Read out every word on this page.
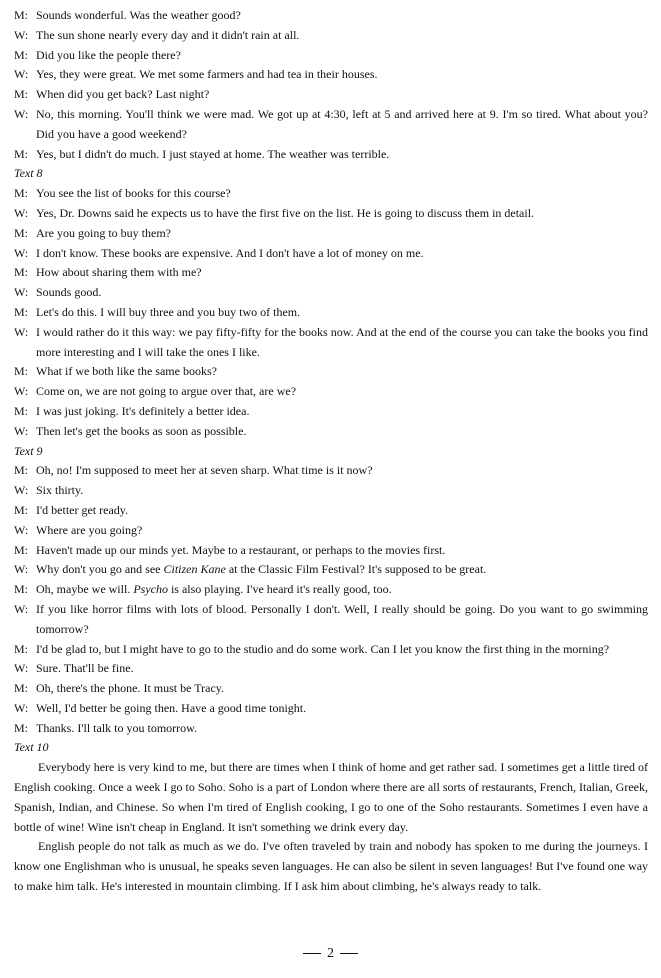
M: Sounds wonderful. Was the weather good?
W: The sun shone nearly every day and it didn't rain at all.
M: Did you like the people there?
W: Yes, they were great. We met some farmers and had tea in their houses.
M: When did you get back? Last night?
W: No, this morning. You'll think we were mad. We got up at 4:30, left at 5 and arrived here at 9. I'm so tired. What about you? Did you have a good weekend?
M: Yes, but I didn't do much. I just stayed at home. The weather was terrible.
Text 8
M: You see the list of books for this course?
W: Yes, Dr. Downs said he expects us to have the first five on the list. He is going to discuss them in detail.
M: Are you going to buy them?
W: I don't know. These books are expensive. And I don't have a lot of money on me.
M: How about sharing them with me?
W: Sounds good.
M: Let's do this. I will buy three and you buy two of them.
W: I would rather do it this way: we pay fifty-fifty for the books now. And at the end of the course you can take the books you find more interesting and I will take the ones I like.
M: What if we both like the same books?
W: Come on, we are not going to argue over that, are we?
M: I was just joking. It's definitely a better idea.
W: Then let's get the books as soon as possible.
Text 9
M: Oh, no! I'm supposed to meet her at seven sharp. What time is it now?
W: Six thirty.
M: I'd better get ready.
W: Where are you going?
M: Haven't made up our minds yet. Maybe to a restaurant, or perhaps to the movies first.
W: Why don't you go and see Citizen Kane at the Classic Film Festival? It's supposed to be great.
M: Oh, maybe we will. Psycho is also playing. I've heard it's really good, too.
W: If you like horror films with lots of blood. Personally I don't. Well, I really should be going. Do you want to go swimming tomorrow?
M: I'd be glad to, but I might have to go to the studio and do some work. Can I let you know the first thing in the morning?
W: Sure. That'll be fine.
M: Oh, there's the phone. It must be Tracy.
W: Well, I'd better be going then. Have a good time tonight.
M: Thanks. I'll talk to you tomorrow.
Text 10
Everybody here is very kind to me, but there are times when I think of home and get rather sad. I sometimes get a little tired of English cooking. Once a week I go to Soho. Soho is a part of London where there are all sorts of restaurants, French, Italian, Greek, Spanish, Indian, and Chinese. So when I'm tired of English cooking, I go to one of the Soho restaurants. Sometimes I even have a bottle of wine! Wine isn't cheap in England. It isn't something we drink every day.
English people do not talk as much as we do. I've often traveled by train and nobody has spoken to me during the journeys. I know one Englishman who is unusual, he speaks seven languages. He can also be silent in seven languages! But I've found one way to make him talk. He's interested in mountain climbing. If I ask him about climbing, he's always ready to talk.
2
